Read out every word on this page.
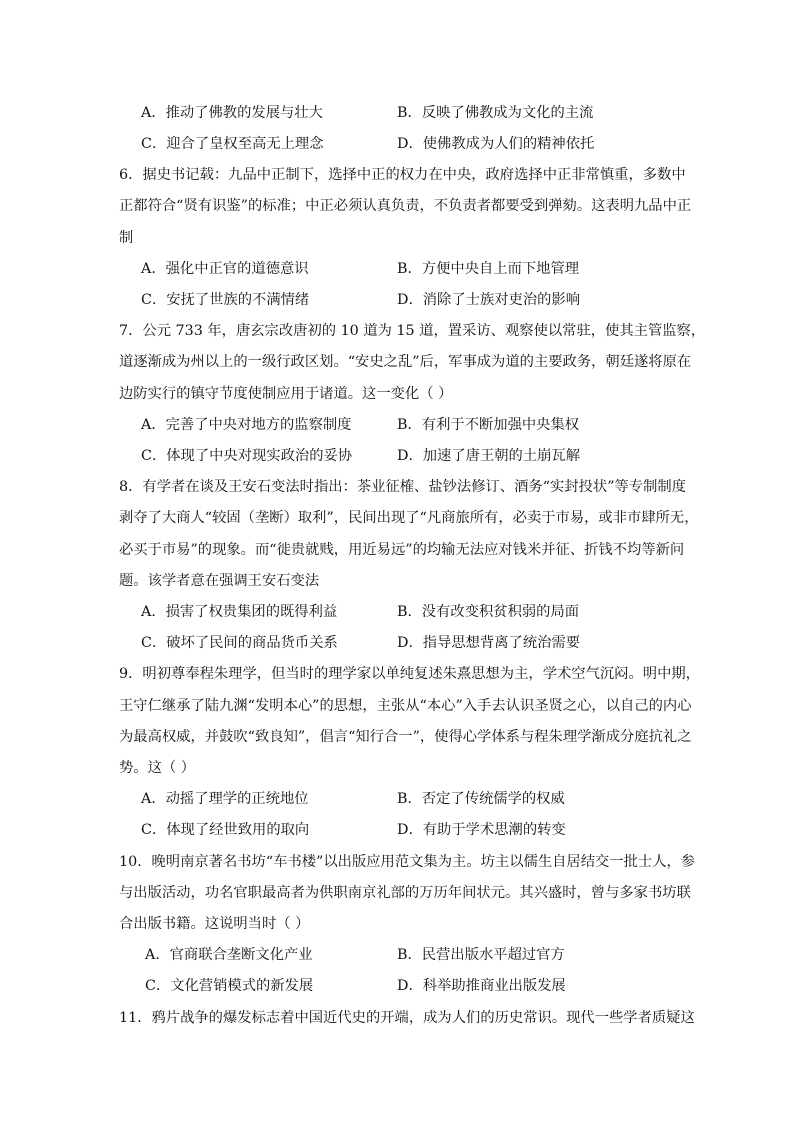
A．推动了佛教的发展与壮大	B．反映了佛教成为文化的主流
C．迎合了皇权至高无上理念	D．使佛教成为人们的精神依托
6．据史书记载：九品中正制下，选择中正的权力在中央，政府选择中正非常慎重，多数中
正都符合“贤有识鉴”的标准；中正必须认真负责，不负责者都要受到弹劾。这表明九品中正
制
A．强化中正官的道德意识	B．方便中央自上而下地管理
C．安抚了世族的不满情绪	D．消除了士族对吏治的影响
7．公元 733 年，唐玄宗改唐初的 10 道为 15 道，置采访、观察使以常驻，使其主管监察，
道逐渐成为州以上的一级行政区划。“安史之乱”后，军事成为道的主要政务，朝廷遂将原在
边防实行的镇守节度使制应用于诸道。这一变化（ ）
A．完善了中央对地方的监察制度	B．有利于不断加强中央集权
C．体现了中央对现实政治的妥协	D．加速了唐王朝的土崩瓦解
8．有学者在谈及王安石变法时指出：茶业征榷、盐钞法修订、酒务“实封投状”等专制制度
剥夺了大商人“较固（垄断）取利”，民间出现了“凡商旅所有，必卖于市易，或非市肆所无，
必买于市易”的现象。而“徙贵就贱，用近易远”的均输无法应对钱米并征、折钱不均等新问
题。该学者意在强调王安石变法
A．损害了权贵集团的既得利益	B．没有改变积贫积弱的局面
C．破坏了民间的商品货币关系	D．指导思想背离了统治需要
9．明初尊奉程朱理学，但当时的理学家以单纯复述朱熹思想为主，学术空气沉闷。明中期，
王守仁继承了陆九渊“发明本心”的思想，主张从“本心”入手去认识圣贤之心，以自己的内心
为最高权威，并鼓吹“致良知”，倡言“知行合一”，使得心学体系与程朱理学渐成分庭抗礼之
势。这（ ）
A．动摇了理学的正统地位	B．否定了传统儒学的权威
C．体现了经世致用的取向	D．有助于学术思潮的转变
10．晚明南京著名书坊“车书楼”以出版应用范文集为主。坊主以儒生自居结交一批士人，参
与出版活动，功名官职最高者为供职南京礼部的万历年间状元。其兴盛时，曾与多家书坊联
合出版书籍。这说明当时（ ）
A．官商联合垄断文化产业	B．民营出版水平超过官方
C．文化营销模式的新发展	D．科举助推商业出版发展
11．鸦片战争的爆发标志着中国近代史的开端，成为人们的历史常识。现代一些学者质疑这
